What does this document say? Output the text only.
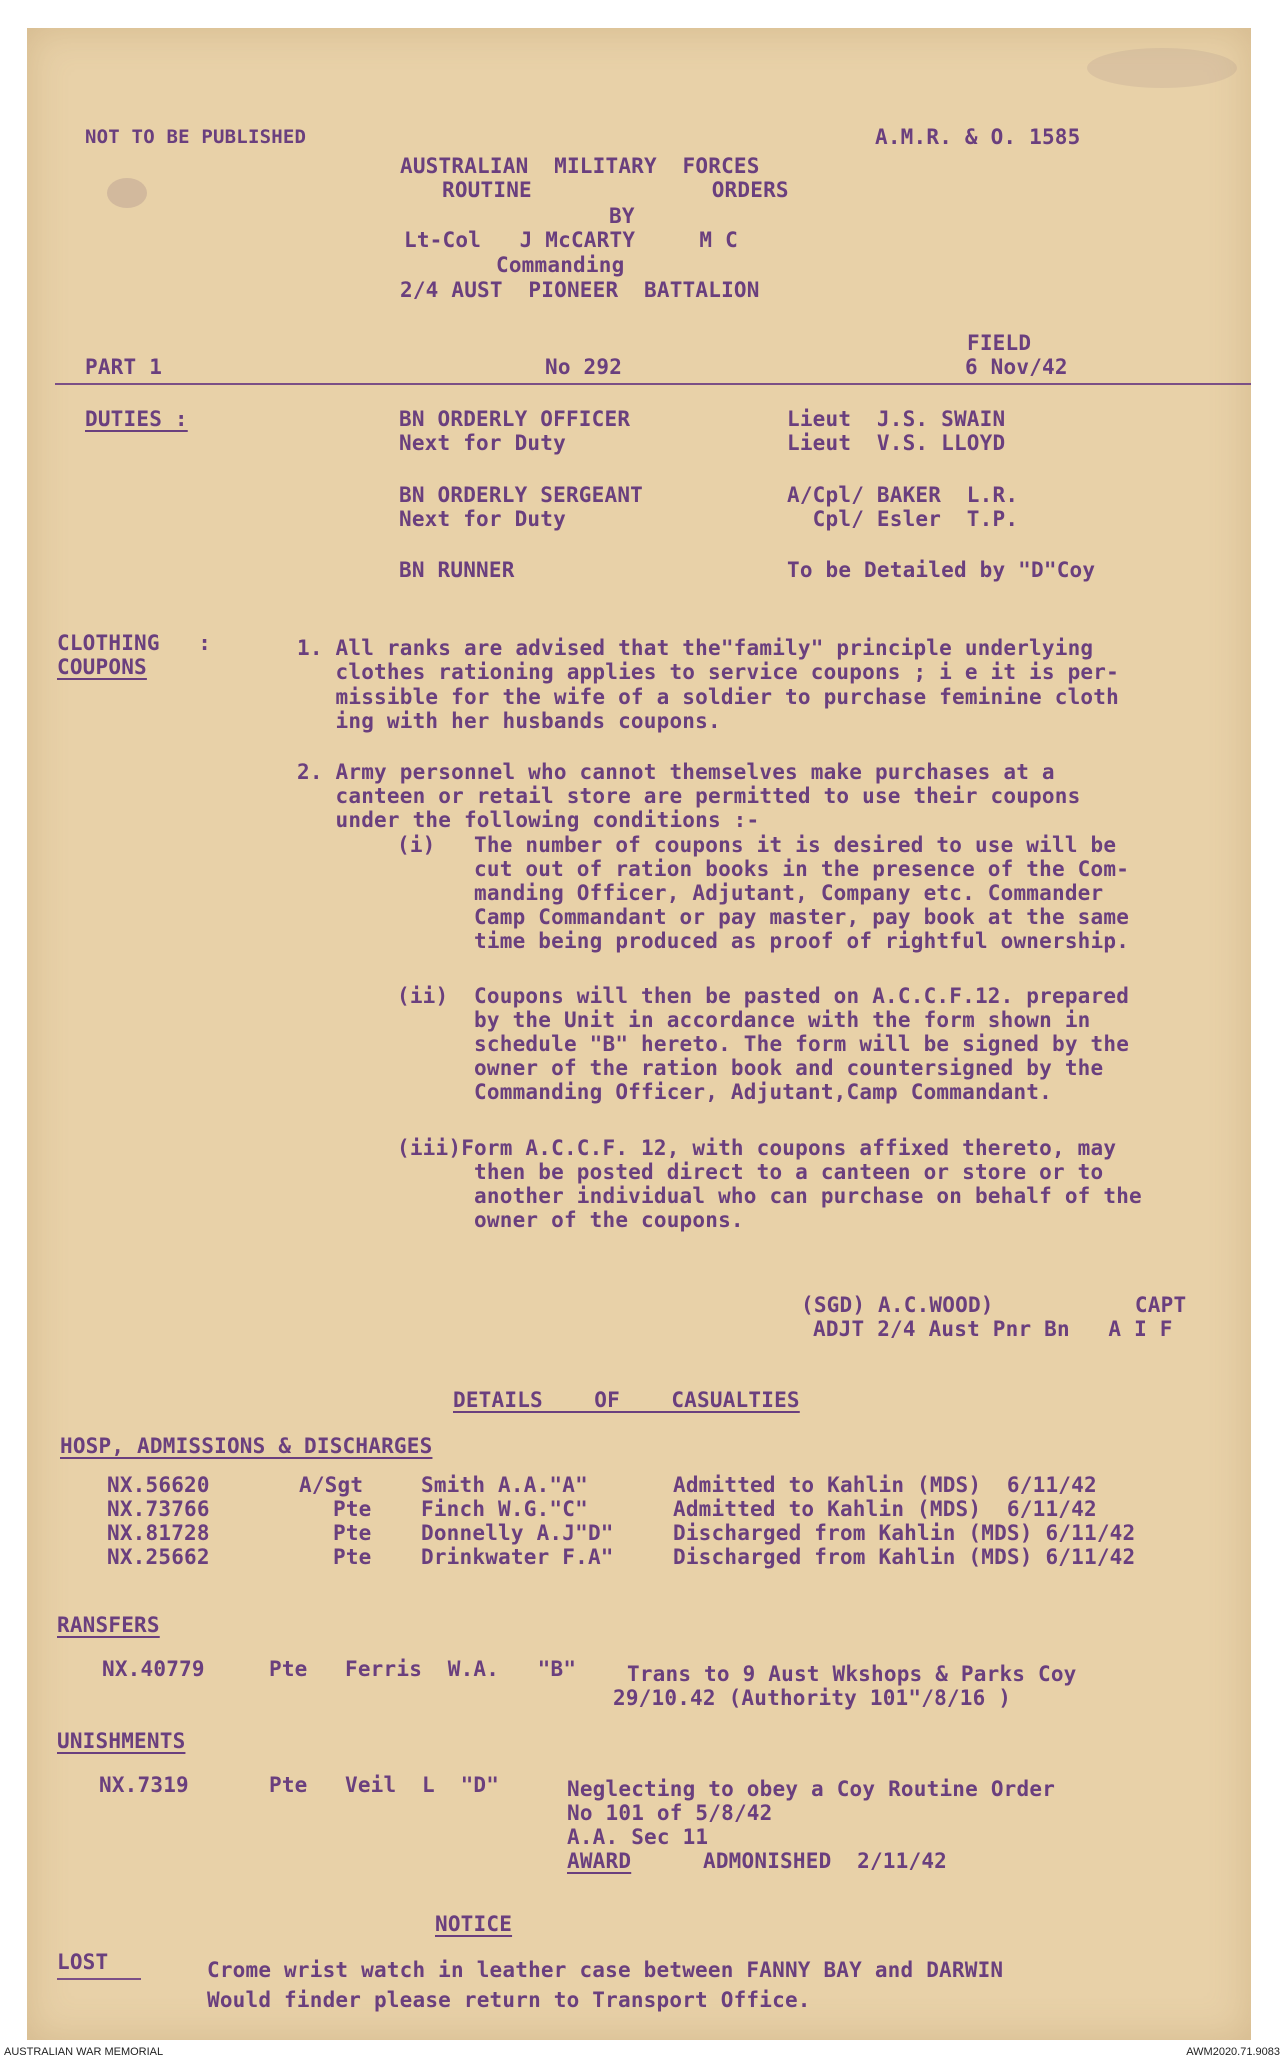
NOT TO BE PUBLISHED	A.M.R. & O. 1585
AUSTRALIAN  MILITARY  FORCES
ROUTINE              ORDERS
BY
Lt-Col   J McCARTY     M C
Commanding
2/4 AUST  PIONEER  BATTALION
FIELD
PART 1	No 292	6 Nov/42
DUTIES :	BN ORDERLY OFFICER	Lieut  J.S. SWAIN
Next for Duty	Lieut  V.S. LLOYD
BN ORDERLY SERGEANT	A/Cpl/ BAKER  L.R.
Next for Duty	Cpl/ Esler  T.P.
BN RUNNER	To be Detailed by "D"Coy
CLOTHING   :
COUPONS
1. All ranks are advised that the"family" principle underlying
clothes rationing applies to service coupons ; i e it is per-
missible for the wife of a soldier to purchase feminine cloth
ing with her husbands coupons.
2. Army personnel who cannot themselves make purchases at a
canteen or retail store are permitted to use their coupons
under the following conditions :-
(i)   The number of coupons it is desired to use will be
cut out of ration books in the presence of the Com-
manding Officer, Adjutant, Company etc. Commander
Camp Commandant or pay master, pay book at the same
time being produced as proof of rightful ownership.
(ii)  Coupons will then be pasted on A.C.C.F.12. prepared
by the Unit in accordance with the form shown in
schedule "B" hereto. The form will be signed by the
owner of the ration book and countersigned by the
Commanding Officer, Adjutant,Camp Commandant.
(iii)Form A.C.C.F. 12, with coupons affixed thereto, may
then be posted direct to a canteen or store or to
another individual who can purchase on behalf of the
owner of the coupons.
(SGD) A.C.WOOD)           CAPT
ADJT 2/4 Aust Pnr Bn   A I F
DETAILS    OF    CASUALTIES
HOSP, ADMISSIONS & DISCHARGES
NX.56620	A/Sgt	Smith A.A."A"	Admitted to Kahlin (MDS)  6/11/42
NX.73766	Pte Finch W.G."C"	Admitted to Kahlin (MDS)  6/11/42
NX.81728	Pte Donnelly A.J"D"	Discharged from Kahlin (MDS) 6/11/42
NX.25662	Pte Drinkwater F.A"	Discharged from Kahlin (MDS) 6/11/42
RANSFERS
NX.40779	Pte Ferris  W.A.   "B" Trans to 9 Aust Wkshops & Parks Coy
29/10.42 (Authority 101"/8/16 )
UNISHMENTS
NX.7319	Pte Veil  L  "D"	Neglecting to obey a Coy Routine Order
No 101 of 5/8/42
A.A. Sec 11
AWARD	ADMONISHED  2/11/42
NOTICE
LOST	Crome wrist watch in leather case between FANNY BAY and DARWIN
Would finder please return to Transport Office.
AUSTRALIAN WAR MEMORIAL	AWM2020.71.9083
